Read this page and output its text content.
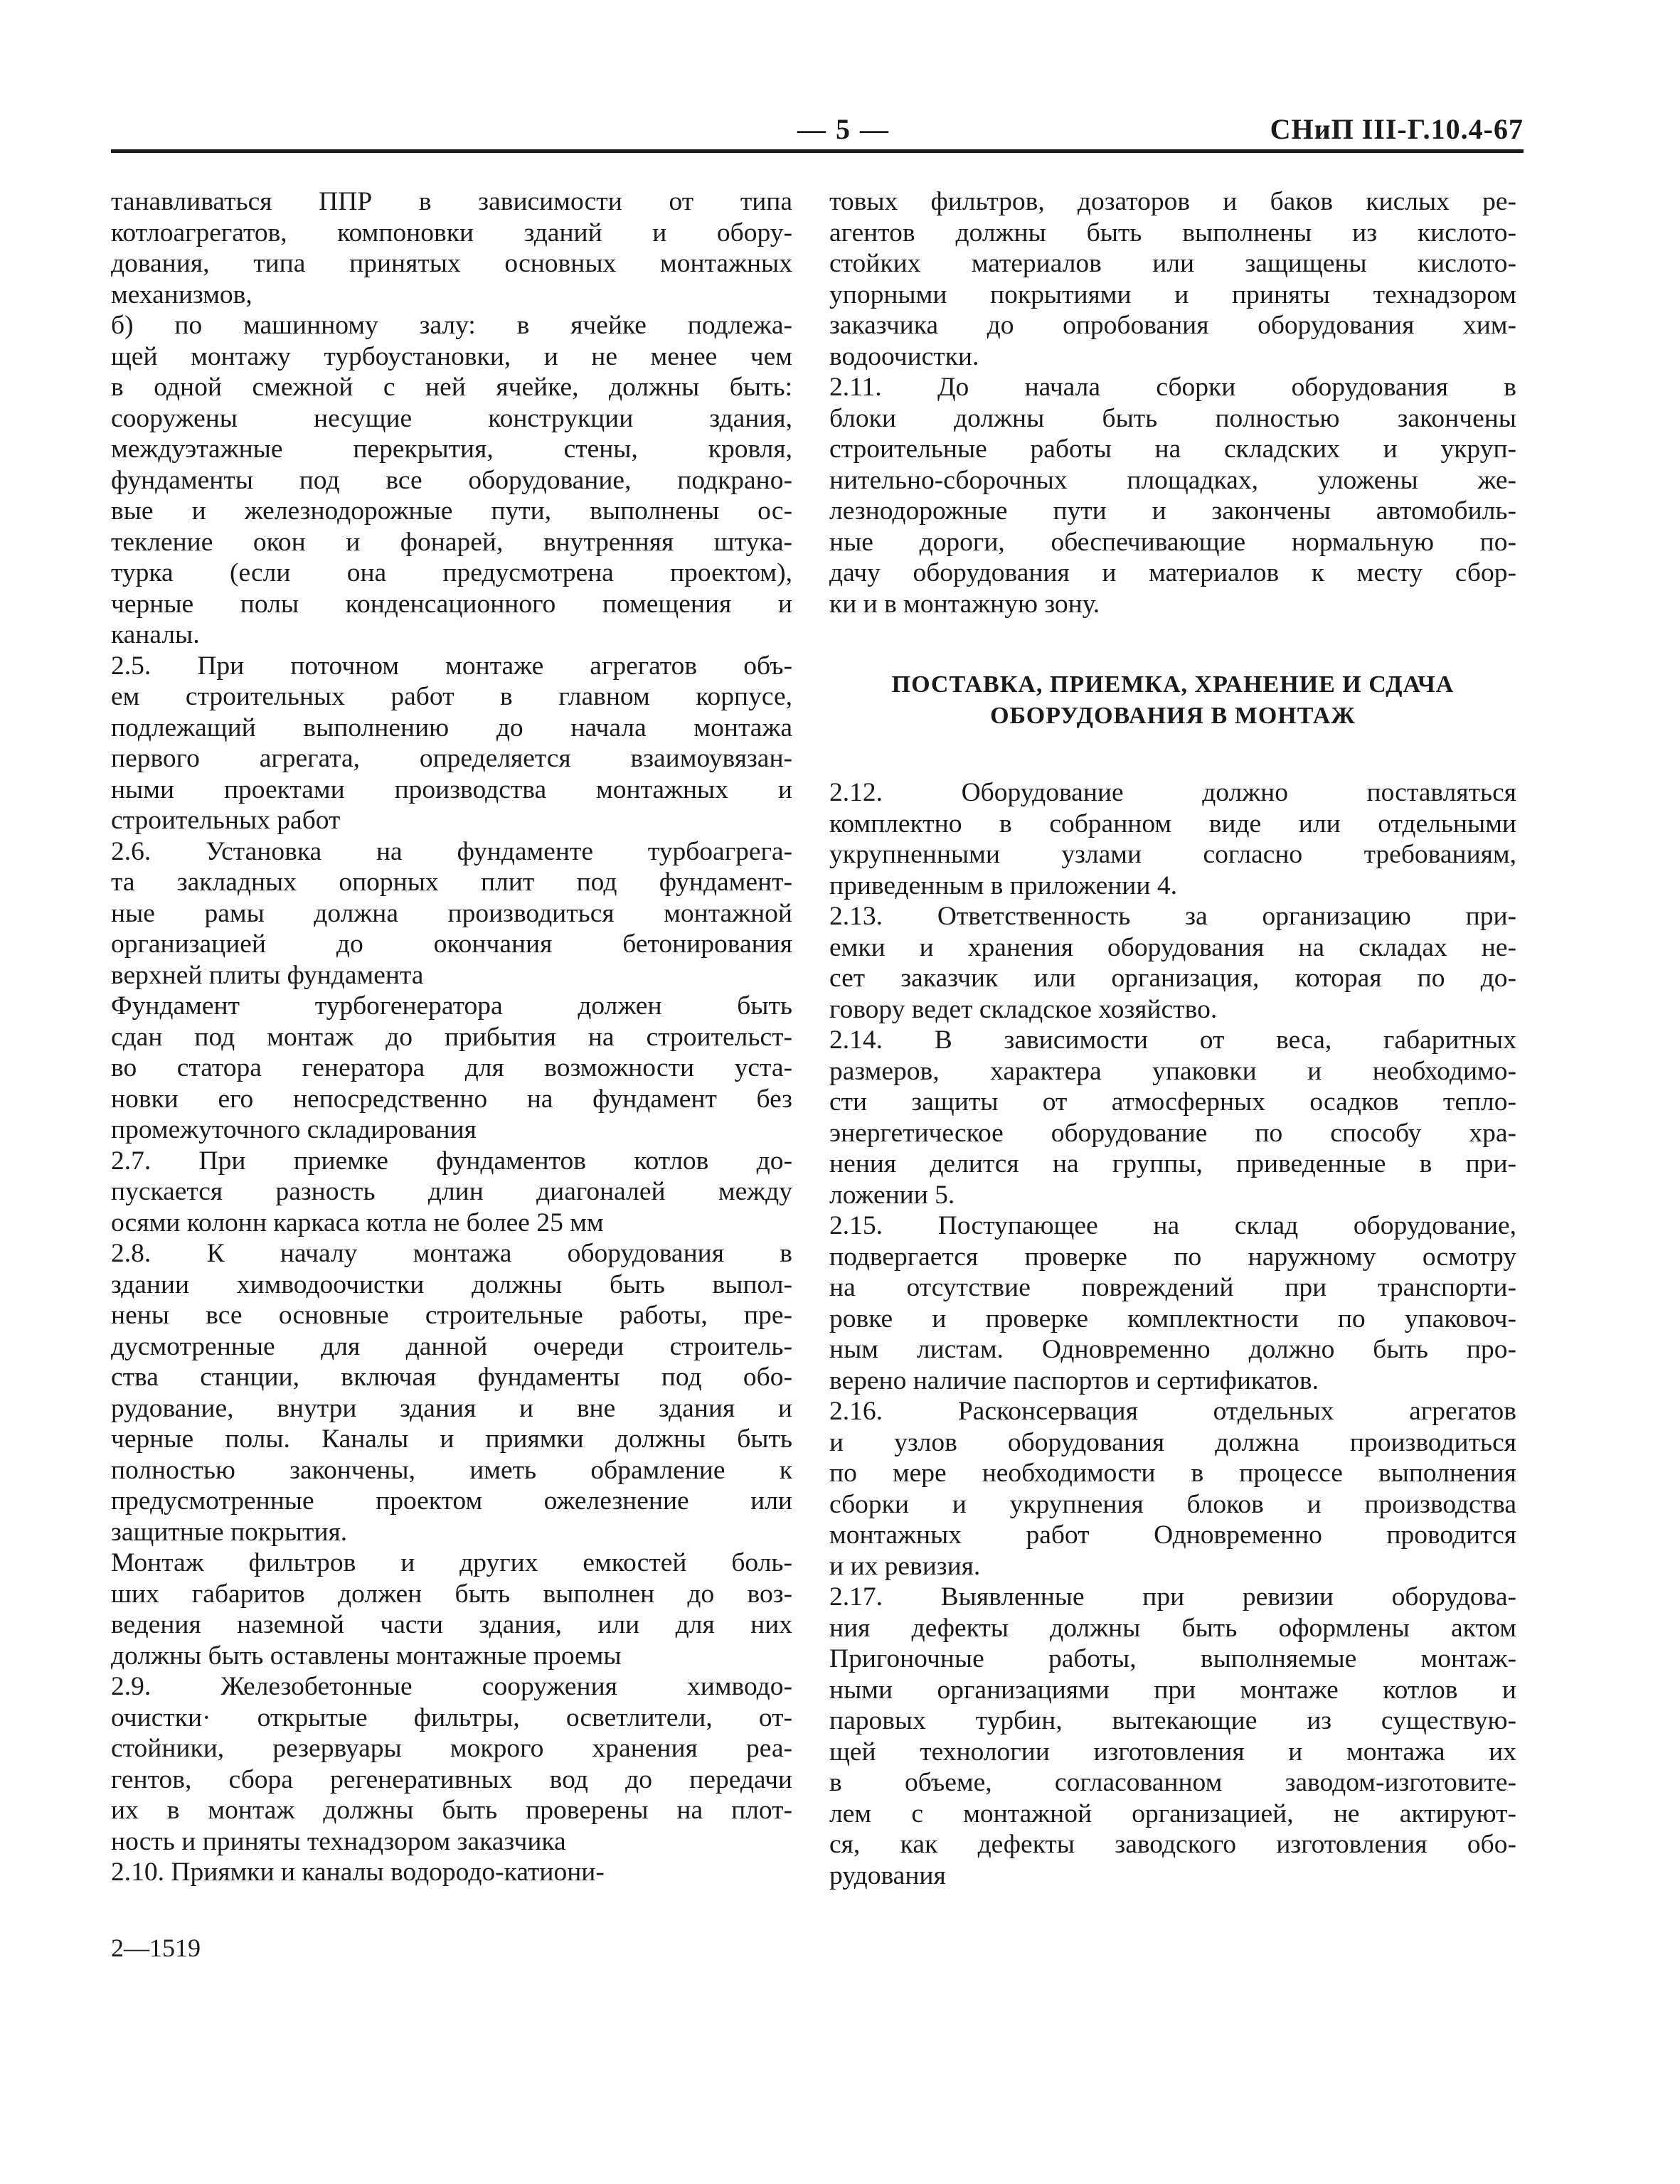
— 5 —	СНиП III-Г.10.4-67
танавливаться ППР в зависимости от типа
котлоагрегатов, компоновки зданий и обору-
дования, типа принятых основных монтажных
механизмов,
б) по машинному залу: в ячейке подлежа-
щей монтажу турбоустановки, и не менее чем
в одной смежной с ней ячейке, должны быть:
сооружены несущие конструкции здания,
междуэтажные перекрытия, стены, кровля,
фундаменты под все оборудование, подкрано-
вые и железнодорожные пути, выполнены ос-
текление окон и фонарей, внутренняя штука-
турка (если она предусмотрена проектом),
черные полы конденсационного помещения и
каналы.
2.5. При поточном монтаже агрегатов объ-
ем строительных работ в главном корпусе,
подлежащий выполнению до начала монтажа
первого агрегата, определяется взаимоувязан-
ными проектами производства монтажных и
строительных работ
2.6. Установка на фундаменте турбоагрега-
та закладных опорных плит под фундамент-
ные рамы должна производиться монтажной
организацией до окончания бетонирования
верхней плиты фундамента
Фундамент турбогенератора должен быть
сдан под монтаж до прибытия на строительст-
во статора генератора для возможности уста-
новки его непосредственно на фундамент без
промежуточного складирования
2.7. При приемке фундаментов котлов до-
пускается разность длин диагоналей между
осями колонн каркаса котла не более 25 мм
2.8. К началу монтажа оборудования в
здании химводоочистки должны быть выпол-
нены все основные строительные работы, пре-
дусмотренные для данной очереди строитель-
ства станции, включая фундаменты под обо-
рудование, внутри здания и вне здания и
черные полы. Каналы и приямки должны быть
полностью закончены, иметь обрамление к
предусмотренные проектом ожелезнение или
защитные покрытия.
Монтаж фильтров и других емкостей боль-
ших габаритов должен быть выполнен до воз-
ведения наземной части здания, или для них
должны быть оставлены монтажные проемы
2.9. Железобетонные сооружения химводо-
очистки· открытые фильтры, осветлители, от-
стойники, резервуары мокрого хранения реа-
гентов, сбора регенеративных вод до передачи
их в монтаж должны быть проверены на плот-
ность и приняты технадзором заказчика
2.10. Приямки и каналы водородо-катиони-
товых фильтров, дозаторов и баков кислых ре-
агентов должны быть выполнены из кислото-
стойких материалов или защищены кислото-
упорными покрытиями и приняты технадзором
заказчика до опробования оборудования хим-
водоочистки.
2.11. До начала сборки оборудования в
блоки должны быть полностью закончены
строительные работы на складских и укруп-
нительно-сборочных площадках, уложены же-
лезнодорожные пути и закончены автомобиль-
ные дороги, обеспечивающие нормальную по-
дачу оборудования и материалов к месту сбор-
ки и в монтажную зону.
ПОСТАВКА, ПРИЕМКА, ХРАНЕНИЕ И СДАЧА
ОБОРУДОВАНИЯ В МОНТАЖ
2.12. Оборудование должно поставляться
комплектно в собранном виде или отдельными
укрупненными узлами согласно требованиям,
приведенным в приложении 4.
2.13. Ответственность за организацию при-
емки и хранения оборудования на складах не-
сет заказчик или организация, которая по до-
говору ведет складское хозяйство.
2.14. В зависимости от веса, габаритных
размеров, характера упаковки и необходимо-
сти защиты от атмосферных осадков тепло-
энергетическое оборудование по способу хра-
нения делится на группы, приведенные в при-
ложении 5.
2.15. Поступающее на склад оборудование,
подвергается проверке по наружному осмотру
на отсутствие повреждений при транспорти-
ровке и проверке комплектности по упаковоч-
ным листам. Одновременно должно быть про-
верено наличие паспортов и сертификатов.
2.16. Расконсервация отдельных агрегатов
и узлов оборудования должна производиться
по мере необходимости в процессе выполнения
сборки и укрупнения блоков и производства
монтажных работ Одновременно проводится
и их ревизия.
2.17. Выявленные при ревизии оборудова-
ния дефекты должны быть оформлены актом
Пригоночные работы, выполняемые монтаж-
ными организациями при монтаже котлов и
паровых турбин, вытекающие из существую-
щей технологии изготовления и монтажа их
в объеме, согласованном заводом-изготовите-
лем с монтажной организацией, не актируют-
ся, как дефекты заводского изготовления обо-
рудования
2—1519
